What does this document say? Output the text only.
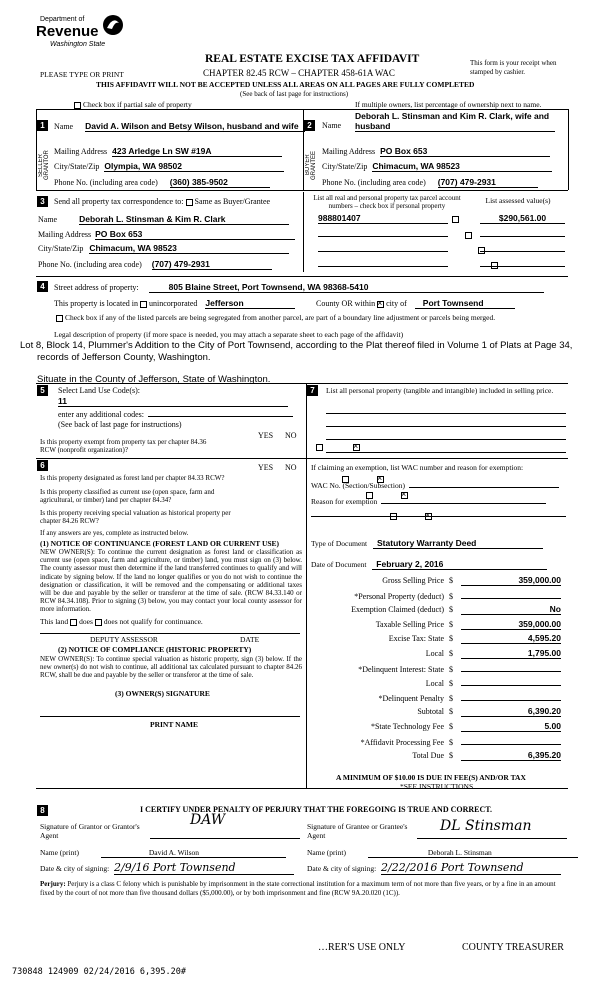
Department of
Revenue
Washington State
REAL ESTATE EXCISE TAX AFFIDAVIT
CHAPTER 82.45 RCW – CHAPTER 458-61A WAC
PLEASE TYPE OR PRINT
This form is your receipt when stamped by cashier.
THIS AFFIDAVIT WILL NOT BE ACCEPTED UNLESS ALL AREAS ON ALL PAGES ARE FULLY COMPLETED
(See back of last page for instructions)
Check box if partial sale of property	If multiple owners, list percentage of ownership next to name.
1
SELLER GRANTOR
Name David A. Wilson and Betsy Wilson, husband and wife
Mailing Address 423 Arledge Ln SW #19A
City/State/Zip Olympia, WA 98502
Phone No. (including area code) (360) 385-9502
2
BUYER GRANTEE
Name
Deborah L. Stinsman and Kim R. Clark, wife and
husband
Mailing Address PO Box 653
City/State/Zip Chimacum, WA 98523
Phone No. (including area code) (707) 479-2931
3	Send all property tax correspondence to: Same as Buyer/Grantee
Name	Deborah L. Stinsman & Kim R. Clark
Mailing Address PO Box 653
City/State/Zip Chimacum, WA 98523
Phone No. (including area code) (707) 479-2931
List all real and personal property tax parcel account numbers – check box if personal property
List assessed value(s)
988801407
	$290,561.00

4	Street address of property:	805 Blaine Street, Port Townsend, WA 98368-5410
This property is located in unincorporated Jefferson	County OR within× city of Port Townsend
Check box if any of the listed parcels are being segregated from another parcel, are part of a boundary line adjustment or parcels being merged.
Legal description of property (if more space is needed, you may attach a separate sheet to each page of the affidavit)
Lot 8, Block 14, Plummer's Addition to the City of Port Townsend, according to the Plat thereof filed in Volume 1 of Plats at Page 34,
records of Jefferson County, Washington.
Situate in the County of Jefferson, State of Washington.
5	Select Land Use Code(s):
11
enter any additional codes:
(See back of last page for instructions)
YES NO
Is this property exempt from property tax per chapter 84.36 RCW (nonprofit organization)?
×
6	YES NO
Is this property designated as forest land per chapter 84.33 RCW?
×
Is this property classified as current use (open space, farm and agricultural, or timber) land per chapter 84.34?
×
Is this property receiving special valuation as historical property per chapter 84.26 RCW?
×
If any answers are yes, complete as instructed below.
(1) NOTICE OF CONTINUANCE (FOREST LAND OR CURRENT USE)
NEW OWNER(S): To continue the current designation as forest land or classification as current use (open space, farm and agriculture, or timber) land, you must sign on (3) below. The county assessor must then determine if the land transferred continues to qualify and will indicate by signing below. If the land no longer qualifies or you do not wish to continue the designation or classification, it will be removed and the compensating or additional taxes will be due and payable by the seller or transferor at the time of sale. (RCW 84.33.140 or RCW 84.34.108). Prior to signing (3) below, you may contact your local county assessor for more information.
This land does does not qualify for continuance.
DEPUTY ASSESSOR	DATE
(2) NOTICE OF COMPLIANCE (HISTORIC PROPERTY)
NEW OWNER(S): To continue special valuation as historic property, sign (3) below. If the new owner(s) do not wish to continue, all additional tax calculated pursuant to chapter 84.26 RCW, shall be due and payable by the seller or transferor at the time of sale.
(3) OWNER(S) SIGNATURE
PRINT NAME
7	List all personal property (tangible and intangible) included in selling price.
If claiming an exemption, list WAC number and reason for exemption:
WAC No. (Section/Subsection)
Reason for exemption
Type of Document Statutory Warranty Deed
Date of Document February 2, 2016
Gross Selling Price $	359,000.00
*Personal Property (deduct) $
Exemption Claimed (deduct) $	No
Taxable Selling Price $	359,000.00
Excise Tax: State $	4,595.20
Local $	1,795.00
*Delinquent Interest: State $
Local $
*Delinquent Penalty $
Subtotal $	6,390.20
*State Technology Fee $	5.00
*Affidavit Processing Fee $
Total Due $	6,395.20
A MINIMUM OF $10.00 IS DUE IN FEE(S) AND/OR TAX
*SEE INSTRUCTIONS
8	I CERTIFY UNDER PENALTY OF PERJURY THAT THE FOREGOING IS TRUE AND CORRECT.
Signature of Grantor or Grantor's Agent
DAW
Name (print)	David A. Wilson
Date & city of signing: 2/9/16 Port Townsend
Signature of Grantee or Grantee's Agent
DL Stinsman
Name (print)	Deborah L. Stinsman
Date & city of signing: 2/22/2016 Port Townsend
Perjury: Perjury is a class C felony which is punishable by imprisonment in the state correctional institution for a maximum term of not more than five years, or by a fine in an amount fixed by the court of not more than five thousand dollars ($5,000.00), or by both imprisonment and fine (RCW 9A.20.020 (1C)).
730848 124909 02/24/2016 6,395.20#
…RER'S USE ONLY	COUNTY TREASURER
